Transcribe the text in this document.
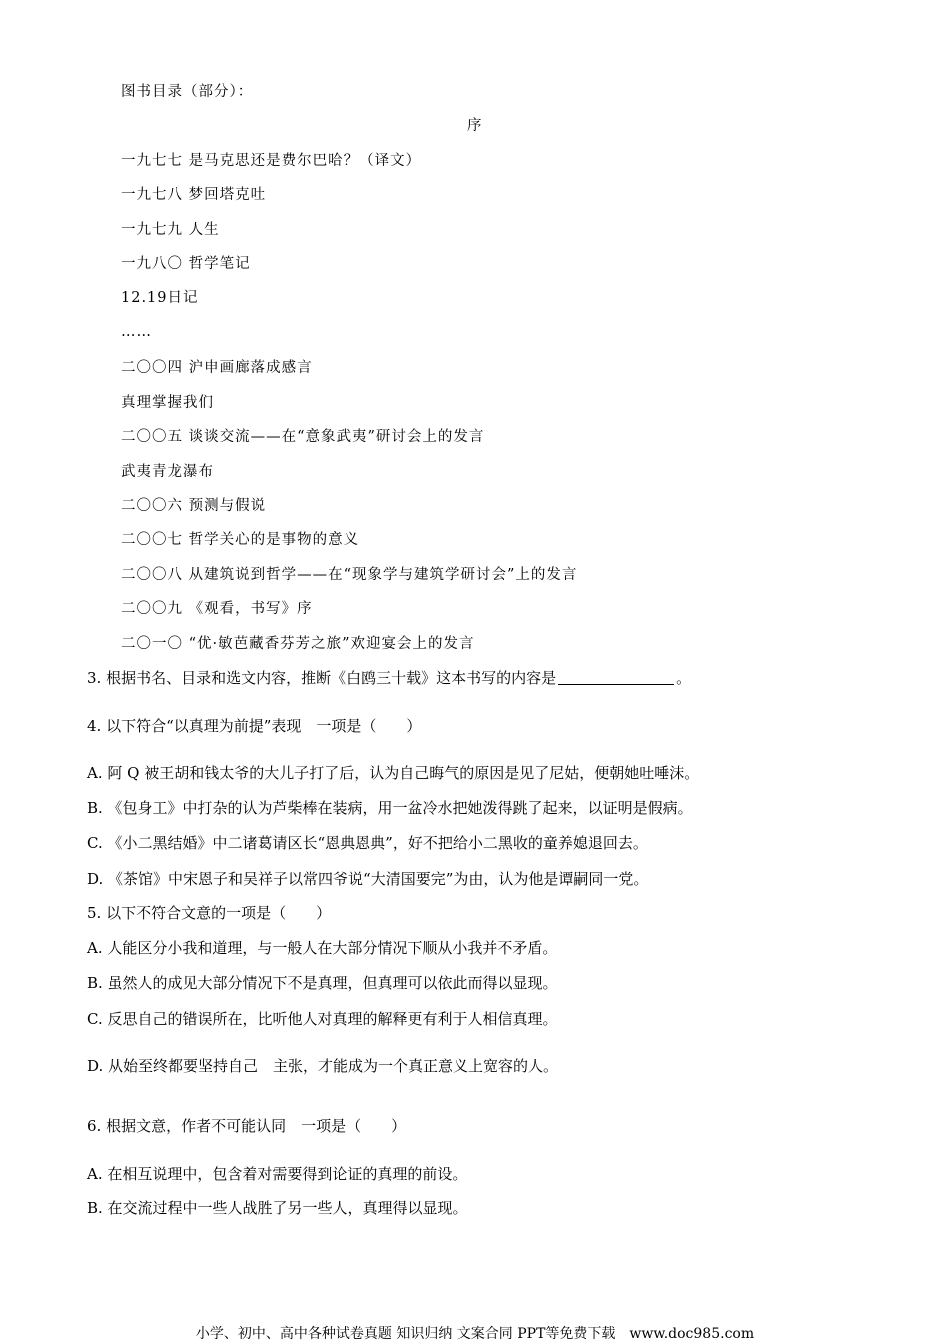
图书目录（部分）：
序
一九七七 是马克思还是费尔巴哈？（译文）
一九七八 梦回塔克吐
一九七九 人生
一九八〇 哲学笔记
12.19日记
……
二〇〇四 沪申画廊落成感言
真理掌握我们
二〇〇五 谈谈交流——在“意象武夷”研讨会上的发言
武夷青龙瀑布
二〇〇六 预测与假说
二〇〇七 哲学关心的是事物的意义
二〇〇八 从建筑说到哲学——在“现象学与建筑学研讨会”上的发言
二〇〇九 《观看，书写》序
二〇一〇 “优·敏芭藏香芬芳之旅”欢迎宴会上的发言
3. 根据书名、目录和选文内容，推断《白鸥三十载》这本书写的内容是	。
4. 以下符合“以真理为前提”表现　一项是（　　）
A. 阿 Q 被王胡和钱太爷的大儿子打了后，认为自己晦气的原因是见了尼姑，便朝她吐唾沫。
B. 《包身工》中打杂的认为芦柴棒在装病，用一盆冷水把她泼得跳了起来，以证明是假病。
C. 《小二黑结婚》中二诸葛请区长“恩典恩典”，好不把给小二黑收的童养媳退回去。
D. 《茶馆》中宋恩子和吴祥子以常四爷说“大清国要完”为由，认为他是谭嗣同一党。
5. 以下不符合文意的一项是（　　）
A. 人能区分小我和道理，与一般人在大部分情况下顺从小我并不矛盾。
B. 虽然人的成见大部分情况下不是真理，但真理可以依此而得以显现。
C. 反思自己的错误所在，比听他人对真理的解释更有利于人相信真理。
D. 从始至终都要坚持自己　主张，才能成为一个真正意义上宽容的人。
6. 根据文意，作者不可能认同　一项是（　　）
A. 在相互说理中，包含着对需要得到论证的真理的前设。
B. 在交流过程中一些人战胜了另一些人，真理得以显现。
小学、初中、高中各种试卷真题 知识归纳 文案合同 PPT等免费下载 www.doc985.com
